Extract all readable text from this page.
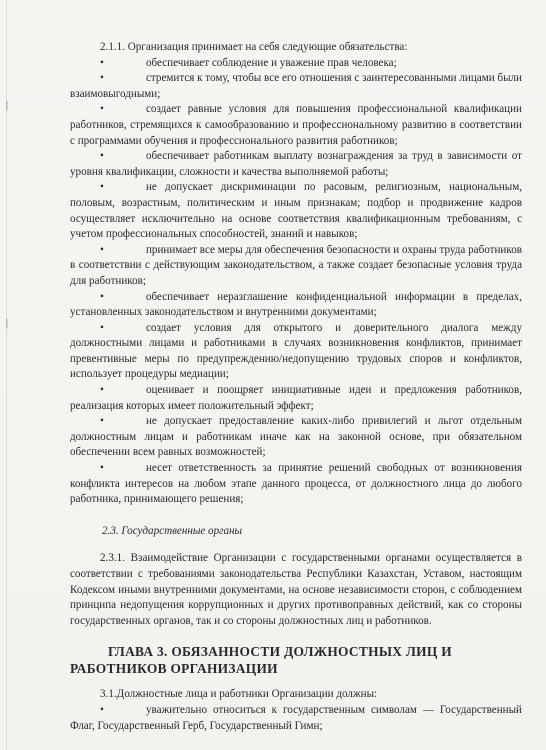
|
|

2.1.1. Организация принимает на себя следующие обязательства:

•	обеспечивает соблюдение и уважение прав человека;

•	стремится к тому, чтобы все его отношения с заинтересованными лицами были взаимовыгодными;

•	создает равные условия для повышения профессиональной квалификации работников, стремящихся к самообразованию и профессиональному развитию в соответствии с программами обучения и профессионального развития работников;

•	обеспечивает работникам выплату вознаграждения за труд в зависимости от уровня квалификации, сложности и качества выполняемой работы;

•	не допускает дискриминации по расовым, религиозным, национальным, половым, возрастным, политическим и иным признакам; подбор и продвижение кадров осуществляет исключительно на основе соответствия квалификационным требованиям, с учетом профессиональных способностей, знаний и навыков;

•	принимает все меры для обеспечения безопасности и охраны труда работников в соответствии с действующим законодательством, а также создает безопасные условия труда для работников;

•	обеспечивает неразглашение конфиденциальной информации в пределах, установленных законодательством и внутренними документами;

•	создает условия для открытого и доверительного диалога между должностными лицами и работниками в случаях возникновения конфликтов, принимает превентивные меры по предупреждению/недопущению трудовых споров и конфликтов, использует процедуры медиации;

•	оценивает и поощряет инициативные идеи и предложения работников, реализация которых имеет положительный эффект;

•	не допускает предоставление каких-либо привилегий и льгот отдельным должностным лицам и работникам иначе как на законной основе, при обязательном обеспечении всем равных возможностей;

•	несет ответственность за принятие решений свободных от возникновения конфликта интересов на любом этапе данного процесса, от должностного лица до любого работника, принимающего решения;

2.3. Государственные органы

2.3.1. Взаимодействие Организации с государственными органами осуществляется в соответствии с требованиями законодательства Республики Казахстан, Уставом, настоящим Кодексом иными внутренними документами, на основе независимости сторон, с соблюдением принципа недопущения коррупционных и других противоправных действий, как со стороны государственных органов, так и со стороны должностных лиц и работников.

ГЛАВА 3. ОБЯЗАННОСТИ ДОЛЖНОСТНЫХ ЛИЦ И РАБОТНИКОВ ОРГАНИЗАЦИИ

3.1.Должностные лица и работники Организации должны:

•	уважительно относиться к государственным символам — Государственный Флаг, Государственный Герб, Государственный Гимн;
